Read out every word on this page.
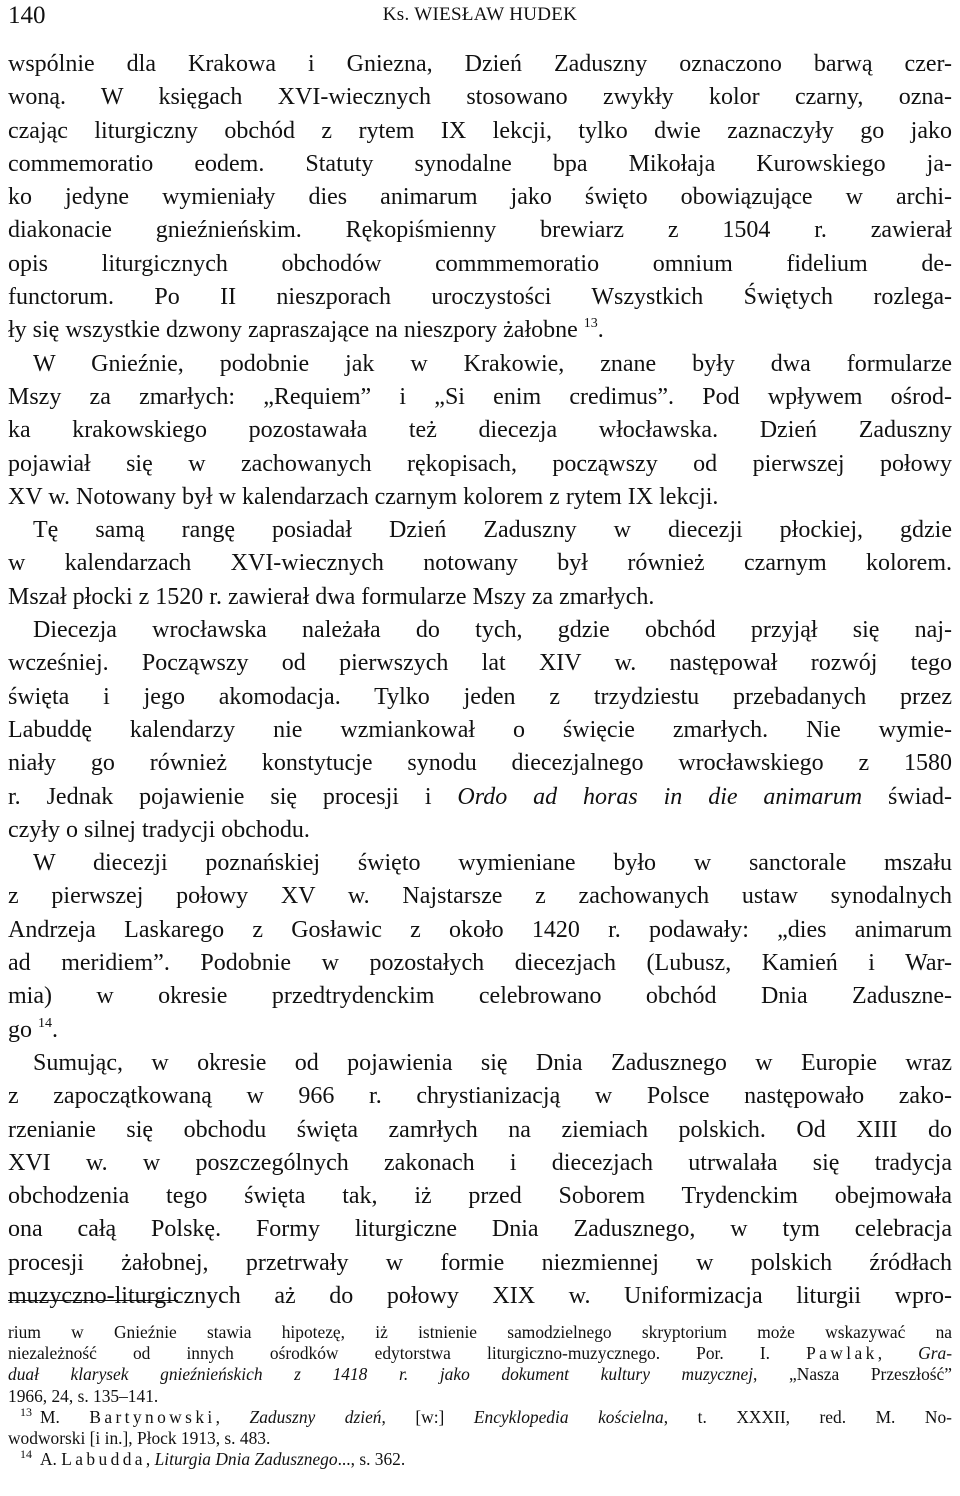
140	Ks. WIESŁAW HUDEK
wspólnie dla Krakowa i Gniezna, Dzień Zaduszny oznaczono barwą czer-
woną. W księgach XVI-wiecznych stosowano zwykły kolor czarny, ozna-
czając liturgiczny obchód z rytem IX lekcji, tylko dwie zaznaczyły go jako
commemoratio eodem. Statuty synodalne bpa Mikołaja Kurowskiego ja-
ko jedyne wymieniały dies animarum jako święto obowiązujące w archi-
diakonacie gnieźnieńskim. Rękopiśmienny brewiarz z 1504 r. zawierał
opis liturgicznych obchodów commmemoratio omnium fidelium de-
functorum. Po II nieszporach uroczystości Wszystkich Świętych rozlega-
ły się wszystkie dzwony zapraszające na nieszpory żałobne $^{13}$.
W Gnieźnie, podobnie jak w Krakowie, znane były dwa formularze
Mszy za zmarłych: „Requiem” i „Si enim credimus”. Pod wpływem ośrod-
ka krakowskiego pozostawała też diecezja włocławska. Dzień Zaduszny
pojawiał się w zachowanych rękopisach, począwszy od pierwszej połowy
XV w. Notowany był w kalendarzach czarnym kolorem z rytem IX lekcji.
Tę samą rangę posiadał Dzień Zaduszny w diecezji płockiej, gdzie
w kalendarzach XVI-wiecznych notowany był również czarnym kolorem.
Mszał płocki z 1520 r. zawierał dwa formularze Mszy za zmarłych.
Diecezja wrocławska należała do tych, gdzie obchód przyjął się naj-
wcześniej. Począwszy od pierwszych lat XIV w. następował rozwój tego
święta i jego akomodacja. Tylko jeden z trzydziestu przebadanych przez
Labuddę kalendarzy nie wzmiankował o święcie zmarłych. Nie wymie-
niały go również konstytucje synodu diecezjalnego wrocławskiego z 1580
r. Jednak pojawienie się procesji i Ordo ad horas in die animarum świad-
czyły o silnej tradycji obchodu.
W diecezji poznańskiej święto wymieniane było w sanctorale mszału
z pierwszej połowy XV w. Najstarsze z zachowanych ustaw synodalnych
Andrzeja Laskarego z Gosławic z około 1420 r. podawały: „dies animarum
ad meridiem”. Podobnie w pozostałych diecezjach (Lubusz, Kamień i War-
mia) w okresie przedtrydenckim celebrowano obchód Dnia Zaduszne-
go $^{14}$.
Sumując, w okresie od pojawienia się Dnia Zadusznego w Europie wraz
z zapoczątkowaną w 966 r. chrystianizacją w Polsce następowało zako-
rzenianie się obchodu święta zamrłych na ziemiach polskich. Od XIII do
XVI w. w poszczególnych zakonach i diecezjach utrwalała się tradycja
obchodzenia tego święta tak, iż przed Soborem Trydenckim obejmowała
ona całą Polskę. Formy liturgiczne Dnia Zadusznego, w tym celebracja
procesji żałobnej, przetrwały w formie niezmiennej w polskich źródłach
muzyczno-liturgicznych aż do połowy XIX w. Uniformizacja liturgii wpro-
rium w Gnieźnie stawia hipotezę, iż istnienie samodzielnego skryptorium może wskazywać na
niezależność od innych ośrodków edytorstwa liturgiczno-muzycznego. Por. I. Pawlak, Gra-
duał klarysek gnieźnieńskich z 1418 r. jako dokument kultury muzycznej, „Nasza Przeszłość”
1966, 24, s. 135–141.
$^{13}$ M. Bartynowski, Zaduszny dzień, [w:] Encyklopedia kościelna, t. XXXII, red. M. No-
wodworski [i in.], Płock 1913, s. 483.
$^{14}$ A. Labudda, Liturgia Dnia Zadusznego..., s. 362.
